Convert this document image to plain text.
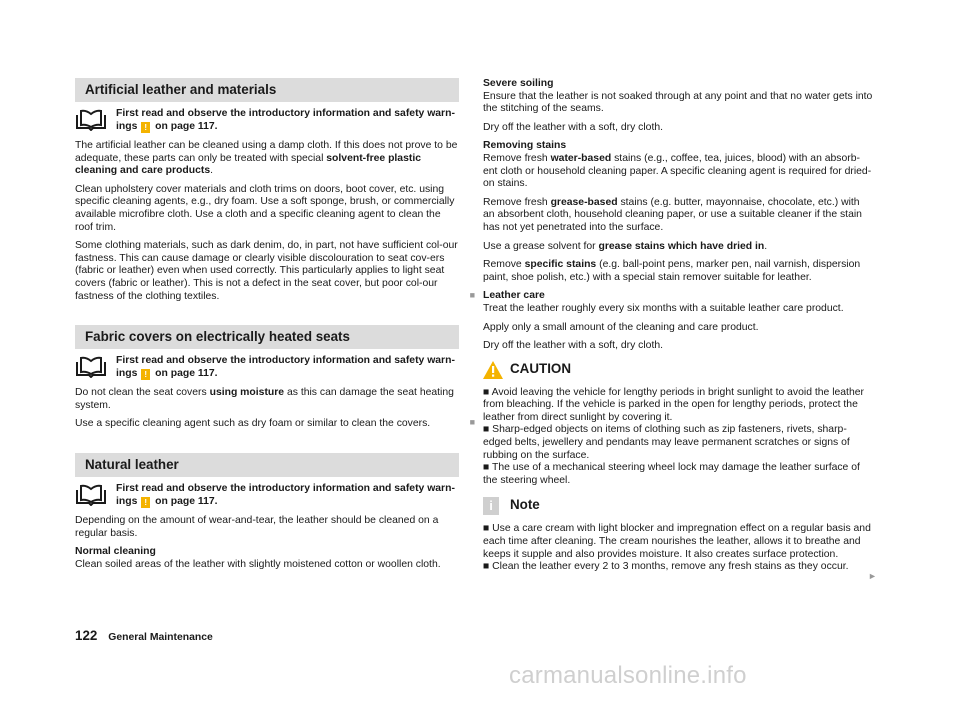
Artificial leather and materials
First read and observe the introductory information and safety warn-ings ! on page 117.

The artificial leather can be cleaned using a damp cloth. If this does not prove to be adequate, these parts can only be treated with special solvent-free plastic cleaning and care products.

Clean upholstery cover materials and cloth trims on doors, boot cover, etc. using specific cleaning agents, e.g., dry foam. Use a soft sponge, brush, or commercially available microfibre cloth. Use a cloth and a specific cleaning agent to clean the roof trim.

Some clothing materials, such as dark denim, do, in part, not have sufficient col-our fastness. This can cause damage or clearly visible discolouration to seat cov-ers (fabric or leather) even when used correctly. This particularly applies to light seat covers (fabric or leather). This is not a defect in the seat cover, but poor col-our fastness of the clothing textiles.	■

Fabric covers on electrically heated seats
First read and observe the introductory information and safety warn-ings ! on page 117.

Do not clean the seat covers using moisture as this can damage the seat heating system.

Use a specific cleaning agent such as dry foam or similar to clean the covers.	■

Natural leather
First read and observe the introductory information and safety warn-ings ! on page 117.

Depending on the amount of wear-and-tear, the leather should be cleaned on a regular basis.

Normal cleaning
Clean soiled areas of the leather with slightly moistened cotton or woollen cloth.

Severe soiling
Ensure that the leather is not soaked through at any point and that no water gets into the stitching of the seams.

Dry off the leather with a soft, dry cloth.

Removing stains
Remove fresh water-based stains (e.g., coffee, tea, juices, blood) with an absorb-ent cloth or household cleaning paper. A specific cleaning agent is required for dried-on stains.

Remove fresh grease-based stains (e.g. butter, mayonnaise, chocolate, etc.) with an absorbent cloth, household cleaning paper, or use a suitable cleaner if the stain has not yet penetrated into the surface.

Use a grease solvent for grease stains which have dried in.

Remove specific stains (e.g. ball-point pens, marker pen, nail varnish, dispersion paint, shoe polish, etc.) with a special stain remover suitable for leather.

Leather care
Treat the leather roughly every six months with a suitable leather care product.

Apply only a small amount of the cleaning and care product.

Dry off the leather with a soft, dry cloth.

CAUTION

■ Avoid leaving the vehicle for lengthy periods in bright sunlight to avoid the leather from bleaching. If the vehicle is parked in the open for lengthy periods, protect the leather from direct sunlight by covering it.

■ Sharp-edged objects on items of clothing such as zip fasteners, rivets, sharp-edged belts, jewellery and pendants may leave permanent scratches or signs of rubbing on the surface.

■ The use of a mechanical steering wheel lock may damage the leather surface of the steering wheel.

i	Note

■ Use a care cream with light blocker and impregnation effect on a regular basis and each time after cleaning. The cream nourishes the leather, allows it to breathe and keeps it supple and also provides moisture. It also creates surface protection.

■ Clean the leather every 2 to 3 months, remove any fresh stains as they occur.

►
122 General Maintenance
carmanualsonline.info
